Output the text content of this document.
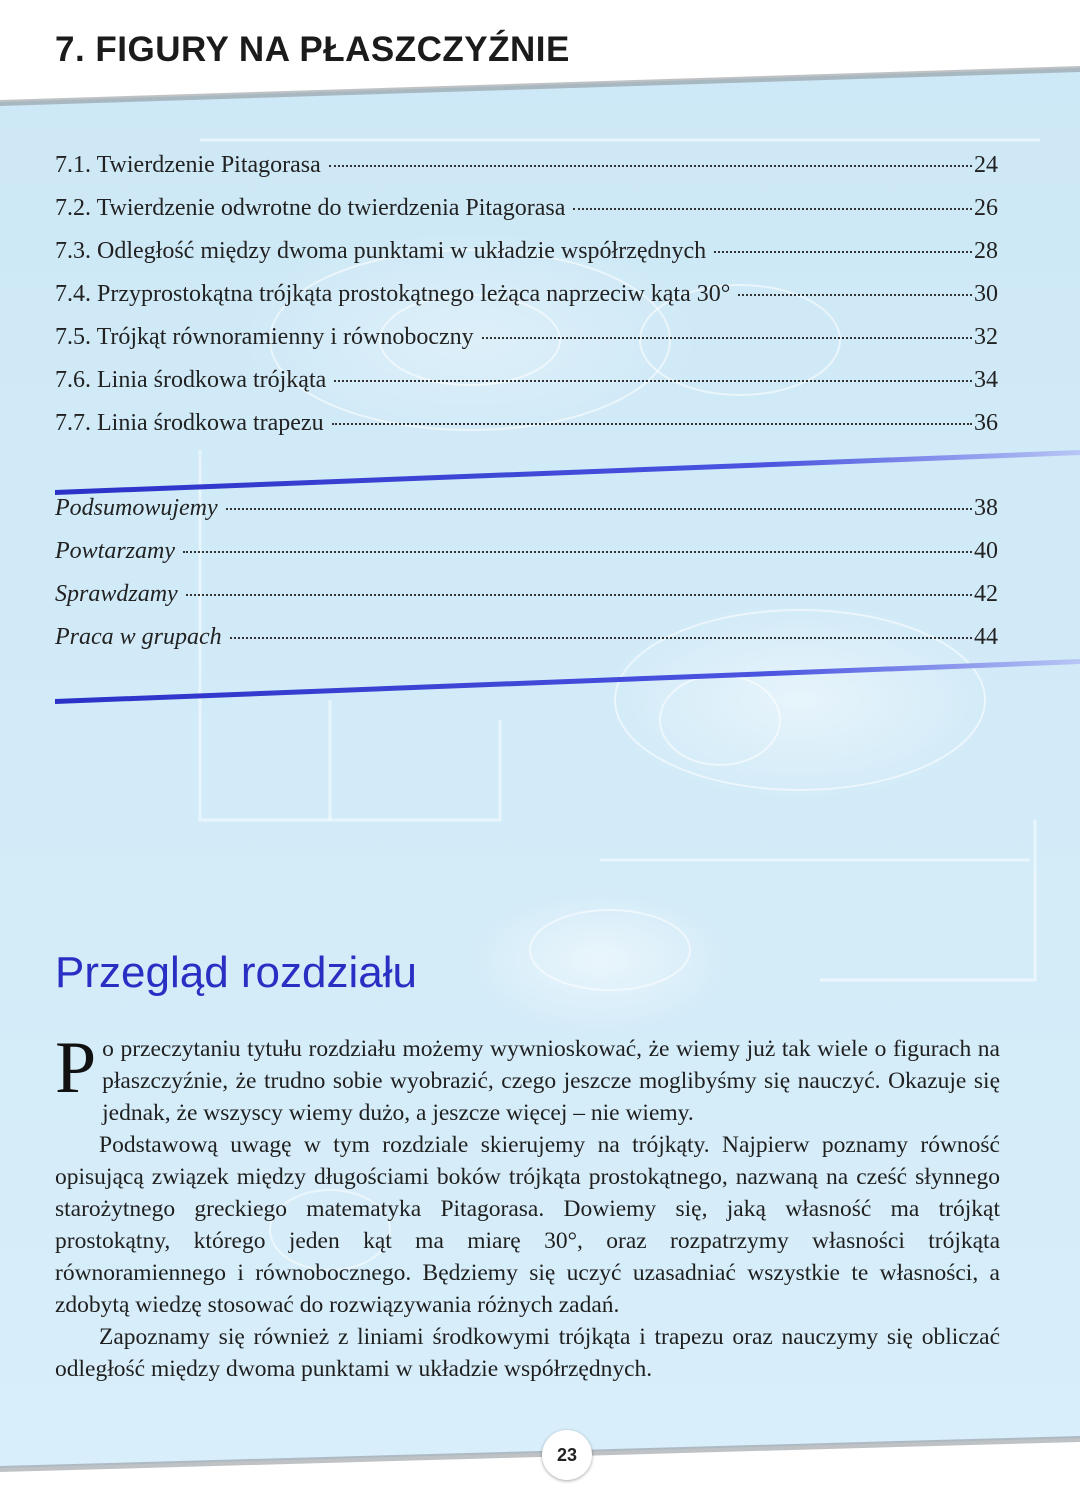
7. FIGURY NA PŁASZCZYŹNIE
7.1. Twierdzenie Pitagorasa	24
7.2. Twierdzenie odwrotne do twierdzenia Pitagorasa	26
7.3. Odległość między dwoma punktami w układzie współrzędnych	28
7.4. Przyprostokątna trójkąta prostokątnego leżąca naprzeciw kąta 30°	30
7.5. Trójkąt równoramienny i równoboczny	32
7.6. Linia środkowa trójkąta	34
7.7. Linia środkowa trapezu	36
Podsumowujemy	38
Powtarzamy	40
Sprawdzamy	42
Praca w grupach	44
Przegląd rozdziału

Po przeczytaniu tytułu rozdziału możemy wywnioskować, że wiemy już tak wiele o figurach na płaszczyźnie, że trudno sobie wyobrazić, czego jeszcze moglibyśmy się nauczyć. Okazuje się jednak, że wszyscy wiemy dużo, a jeszcze więcej – nie wiemy.

Podstawową uwagę w tym rozdziale skierujemy na trójkąty. Najpierw poznamy równość opisującą związek między długościami boków trójkąta prostokątnego, nazwaną na cześć słynnego starożytnego greckiego matematyka Pitagorasa. Dowiemy się, jaką własność ma trójkąt prostokątny, którego jeden kąt ma miarę 30°, oraz rozpatrzymy własności trójkąta równoramiennego i równobocznego. Będziemy się uczyć uzasadniać wszystkie te własności, a zdobytą wiedzę stosować do rozwiązywania różnych zadań.

Zapoznamy się również z liniami środkowymi trójkąta i trapezu oraz nauczymy się obliczać odległość między dwoma punktami w układzie współrzędnych.

23
